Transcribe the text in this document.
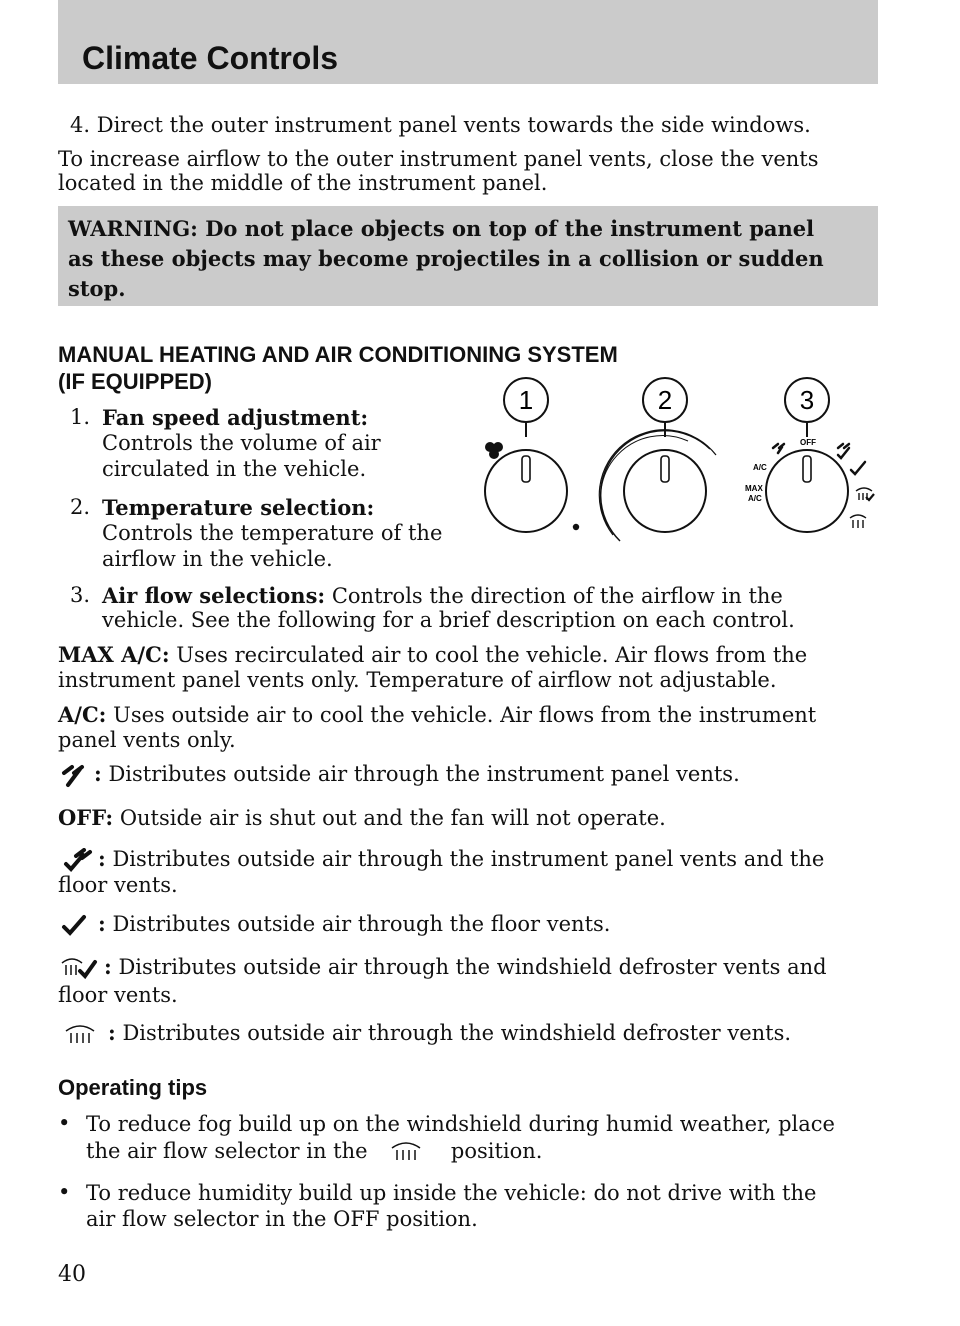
Climate Controls
4. Direct the outer instrument panel vents towards the side windows.
To increase airflow to the outer instrument panel vents, close the vents
located in the middle of the instrument panel.
WARNING: Do not place objects on top of the instrument panel
as these objects may become projectiles in a collision or sudden
stop.
MANUAL HEATING AND AIR CONDITIONING SYSTEM
(IF EQUIPPED)
1. Fan speed adjustment:
Controls the volume of air
circulated in the vehicle.
2. Temperature selection:
Controls the temperature of the
airflow in the vehicle.
3. Air flow selections: Controls the direction of the airflow in the
vehicle. See the following for a brief description on each control.
1	2	3
A/C
MAX
A/C
OFF
MAX A/C: Uses recirculated air to cool the vehicle. Air flows from the
instrument panel vents only. Temperature of airflow not adjustable.
A/C: Uses outside air to cool the vehicle. Air flows from the instrument
panel vents only.
: Distributes outside air through the instrument panel vents.
OFF: Outside air is shut out and the fan will not operate.
: Distributes outside air through the instrument panel vents and the
floor vents.
: Distributes outside air through the floor vents.
: Distributes outside air through the windshield defroster vents and
floor vents.
: Distributes outside air through the windshield defroster vents.
Operating tips
• To reduce fog build up on the windshield during humid weather, place
the air flow selector in the	position.
• To reduce humidity build up inside the vehicle: do not drive with the
air flow selector in the OFF position.
40
